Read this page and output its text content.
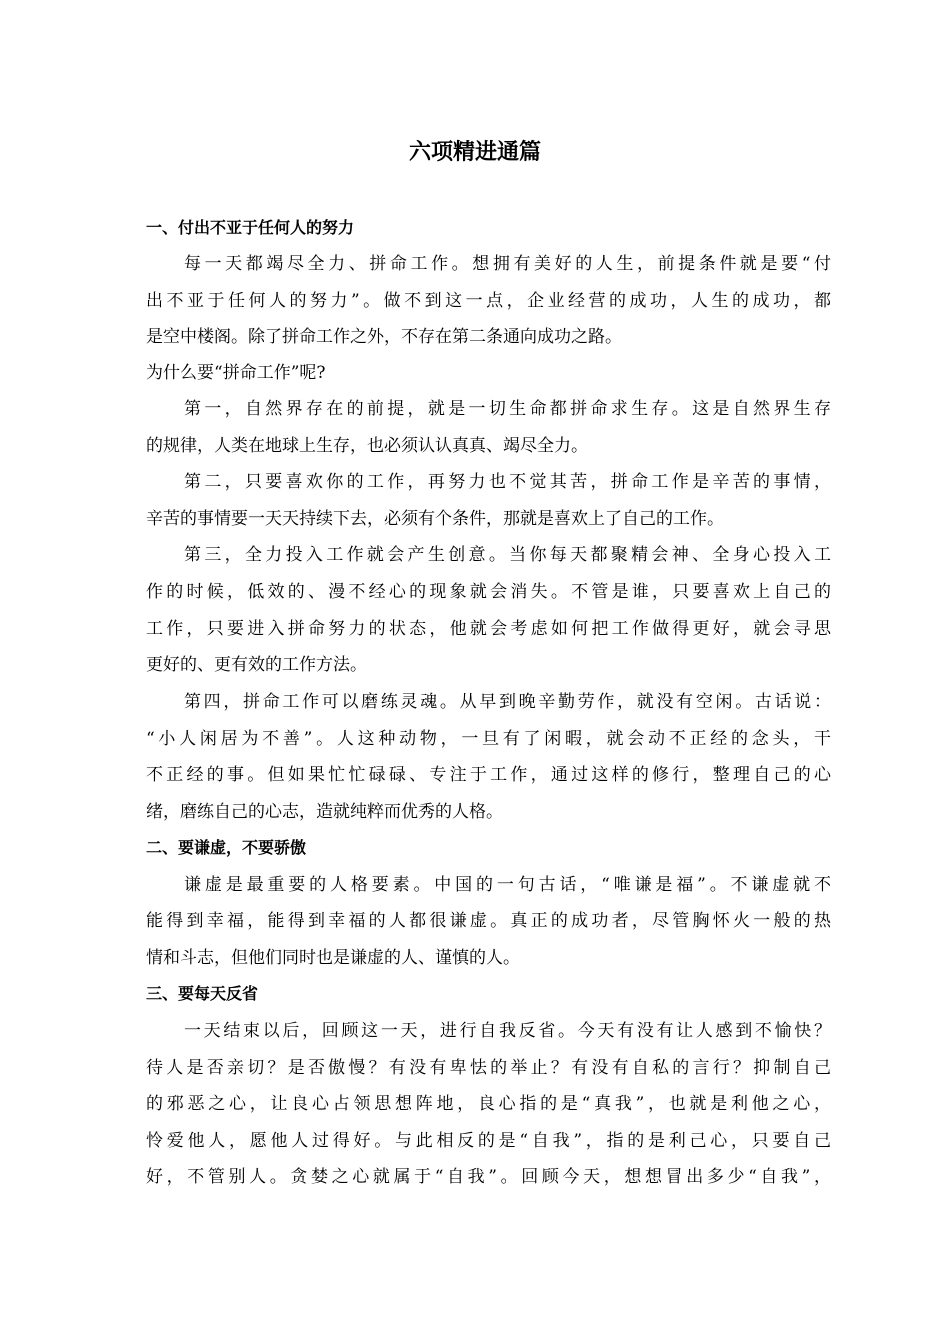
六项精进通篇
一、付出不亚于任何人的努力
每一天都竭尽全力、拼命工作。想拥有美好的人生，前提条件就是要“付
出不亚于任何人的努力”。做不到这一点，企业经营的成功，人生的成功，都
是空中楼阁。除了拼命工作之外，不存在第二条通向成功之路。
为什么要“拼命工作”呢?
第一，自然界存在的前提，就是一切生命都拼命求生存。这是自然界生存
的规律，人类在地球上生存，也必须认认真真、竭尽全力。
第二，只要喜欢你的工作，再努力也不觉其苦，拼命工作是辛苦的事情，
辛苦的事情要一天天持续下去，必须有个条件，那就是喜欢上了自己的工作。
第三，全力投入工作就会产生创意。当你每天都聚精会神、全身心投入工
作的时候，低效的、漫不经心的现象就会消失。不管是谁，只要喜欢上自己的
工作，只要进入拼命努力的状态，他就会考虑如何把工作做得更好，就会寻思
更好的、更有效的工作方法。
第四，拼命工作可以磨练灵魂。从早到晚辛勤劳作，就没有空闲。古话说：
“小人闲居为不善”。人这种动物，一旦有了闲暇，就会动不正经的念头，干
不正经的事。但如果忙忙碌碌、专注于工作，通过这样的修行，整理自己的心
绪，磨练自己的心志，造就纯粹而优秀的人格。
二、要谦虚，不要骄傲
谦虚是最重要的人格要素。中国的一句古话，“唯谦是福”。不谦虚就不
能得到幸福，能得到幸福的人都很谦虚。真正的成功者，尽管胸怀火一般的热
情和斗志，但他们同时也是谦虚的人、谨慎的人。
三、要每天反省
一天结束以后，回顾这一天，进行自我反省。今天有没有让人感到不愉快？
待人是否亲切？是否傲慢？有没有卑怯的举止？有没有自私的言行？抑制自己
的邪恶之心，让良心占领思想阵地，良心指的是“真我”，也就是利他之心，
怜爱他人，愿他人过得好。与此相反的是“自我”，指的是利己心，只要自己
好，不管别人。贪婪之心就属于“自我”。回顾今天，想想冒出多少“自我”，
